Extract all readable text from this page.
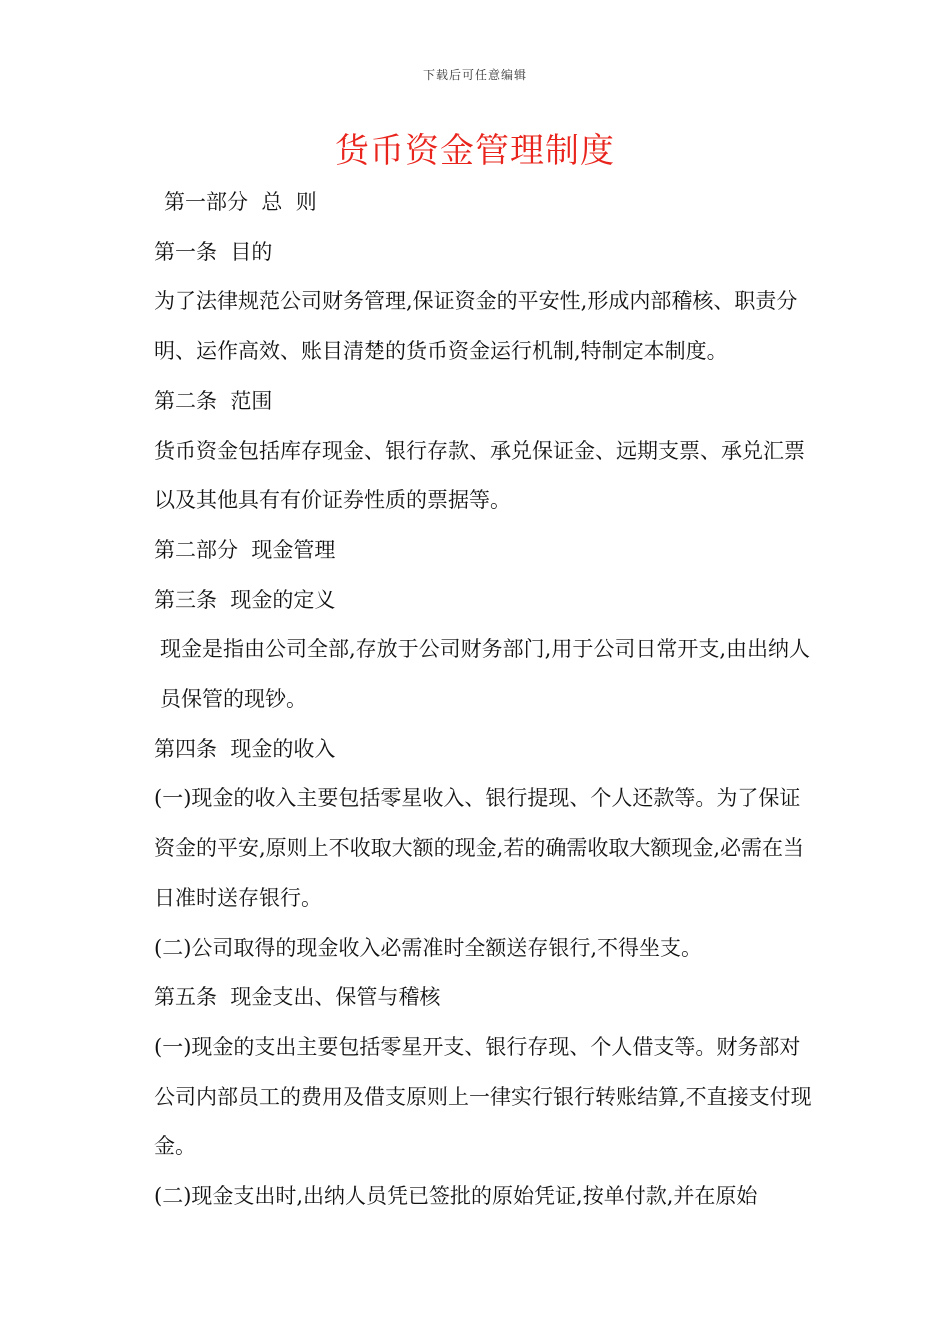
下载后可任意编辑
货币资金管理制度

第一部分  总  则

第一条  目的

为了法律规范公司财务管理,保证资金的平安性,形成内部稽核、职责分明、运作高效、账目清楚的货币资金运行机制,特制定本制度。

第二条  范围

货币资金包括库存现金、银行存款、承兑保证金、远期支票、承兑汇票以及其他具有有价证券性质的票据等。

第二部分  现金管理

第三条  现金的定义

现金是指由公司全部,存放于公司财务部门,用于公司日常开支,由出纳人员保管的现钞。

第四条  现金的收入

(一)现金的收入主要包括零星收入、银行提现、个人还款等。为了保证资金的平安,原则上不收取大额的现金,若的确需收取大额现金,必需在当日准时送存银行。

(二)公司取得的现金收入必需准时全额送存银行,不得坐支。

第五条  现金支出、保管与稽核

(一)现金的支出主要包括零星开支、银行存现、个人借支等。财务部对公司内部员工的费用及借支原则上一律实行银行转账结算,不直接支付现金。

(二)现金支出时,出纳人员凭已签批的原始凭证,按单付款,并在原始
